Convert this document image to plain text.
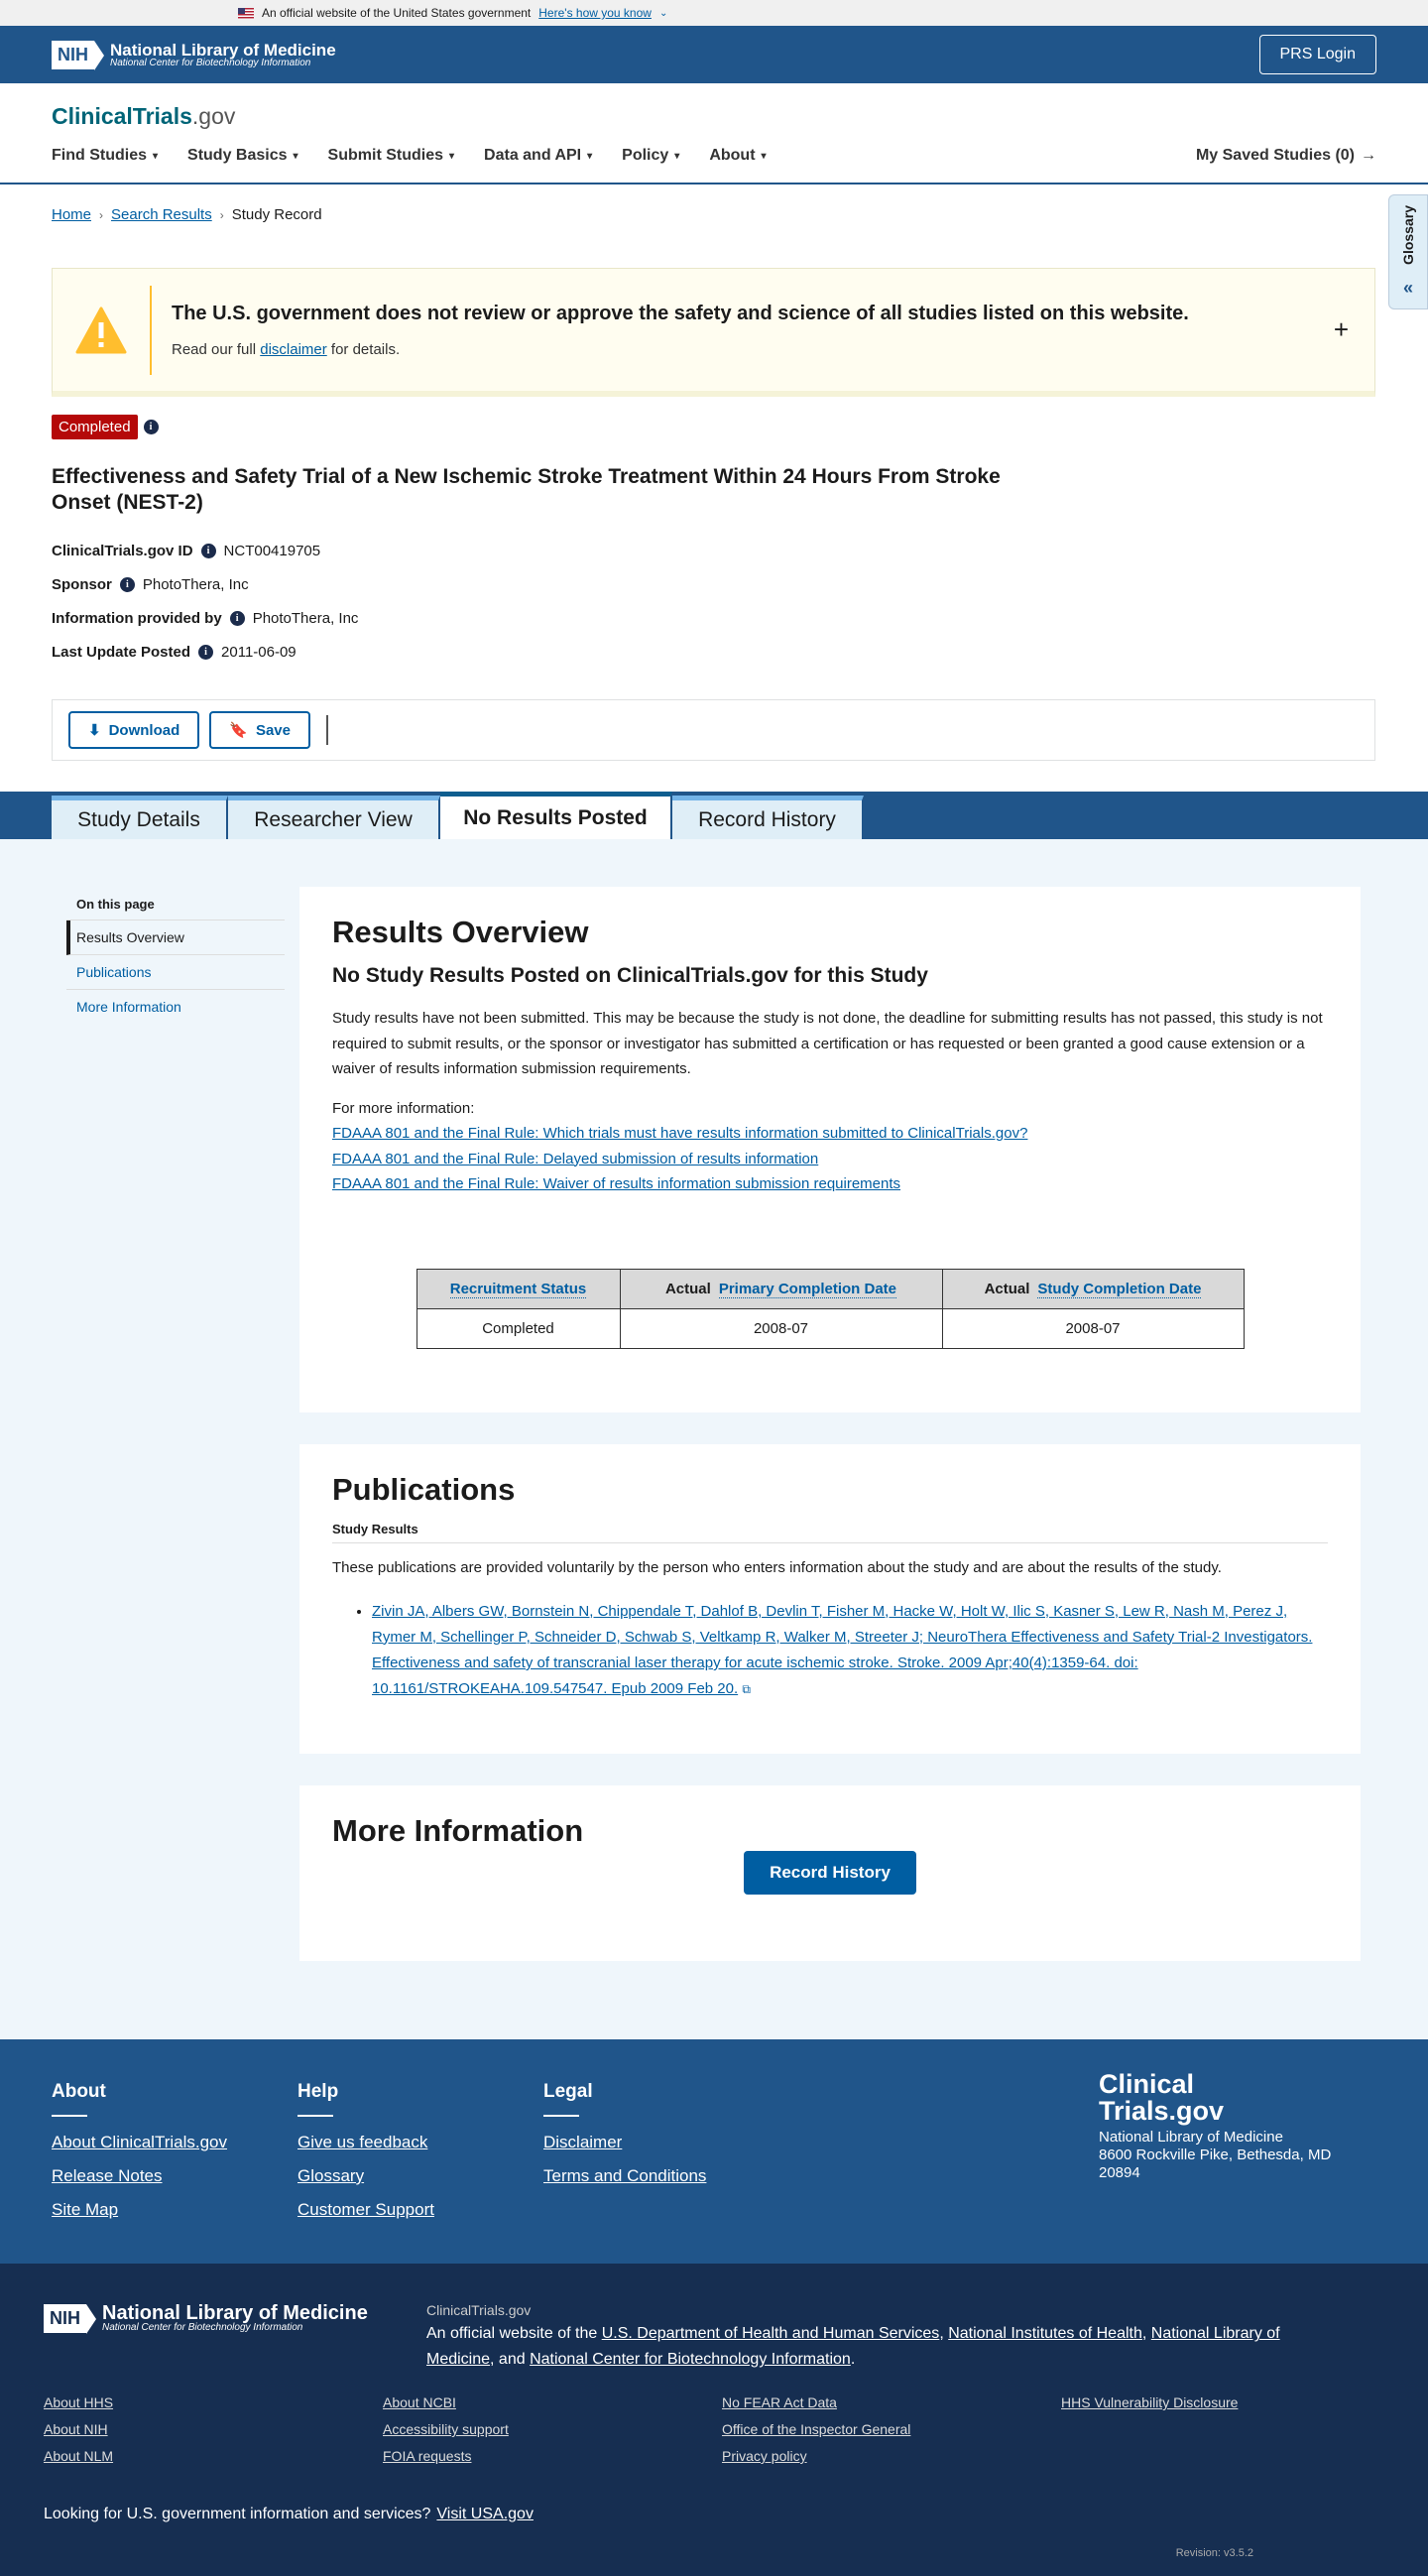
An official website of the United States government Here's how you know ⌄
NIH	National Library of Medicine
National Center for Biotechnology Information	PRS Login
ClinicalTrials.gov
Find Studies ▾ Study Basics ▾ Submit Studies ▾ Data and API ▾ Policy ▾ About ▾	My Saved Studies (0) →
Glossary
«
Home › Search Results › Study Record
The U.S. government does not review or approve the safety and science of all studies listed on this website.
Read our full disclaimer for details.
+
Completed	i
Effectiveness and Safety Trial of a New Ischemic Stroke Treatment Within 24 Hours From Stroke Onset (NEST-2)
ClinicalTrials.gov ID	i NCT00419705
Sponsor	i PhotoThera, Inc
Information provided by	i PhotoThera, Inc
Last Update Posted	i 2011-06-09
⬇ Download	🔖 Save
Study Details	Researcher View	No Results Posted	Record History
On this page
Results Overview
Publications
More Information
Results Overview
No Study Results Posted on ClinicalTrials.gov for this Study

Study results have not been submitted. This may be because the study is not done, the deadline for submitting results has not passed, this study is not required to submit results, or the sponsor or investigator has submitted a certification or has requested or been granted a good cause extension or a waiver of results information submission requirements.

For more information:

FDAAA 801 and the Final Rule: Which trials must have results information submitted to ClinicalTrials.gov?
FDAAA 801 and the Final Rule: Delayed submission of results information
FDAAA 801 and the Final Rule: Waiver of results information submission requirements
Recruitment Status	Actual Primary Completion Date	Actual Study Completion Date
Completed	2008-07	2008-07
Publications
Study Results

These publications are provided voluntarily by the person who enters information about the study and are about the results of the study.

• Zivin JA, Albers GW, Bornstein N, Chippendale T, Dahlof B, Devlin T, Fisher M, Hacke W, Holt W, Ilic S, Kasner S, Lew R, Nash M, Perez J, Rymer M, Schellinger P, Schneider D, Schwab S, Veltkamp R, Walker M, Streeter J; NeuroThera Effectiveness and Safety Trial-2 Investigators. Effectiveness and safety of transcranial laser therapy for acute ischemic stroke. Stroke. 2009 Apr;40(4):1359-64. doi: 10.1161/STROKEAHA.109.547547. Epub 2009 Feb 20. ⧉
More Information
Record History
About
About ClinicalTrials.gov
Release Notes
Site Map
Help
Give us feedback
Glossary
Customer Support
Legal
Disclaimer
Terms and Conditions
Clinical
Trials.gov
National Library of Medicine
8600 Rockville Pike, Bethesda, MD
20894
NIH	National Library of Medicine
National Center for Biotechnology Information
ClinicalTrials.gov
An official website of the U.S. Department of Health and Human Services, National Institutes of Health, National Library of Medicine, and National Center for Biotechnology Information.
About HHS	About NCBI	No FEAR Act Data	HHS Vulnerability Disclosure
About NIH	Accessibility support	Office of the Inspector General
About NLM	FOIA requests	Privacy policy
Looking for U.S. government information and services? Visit USA.gov
Revision: v3.5.2
